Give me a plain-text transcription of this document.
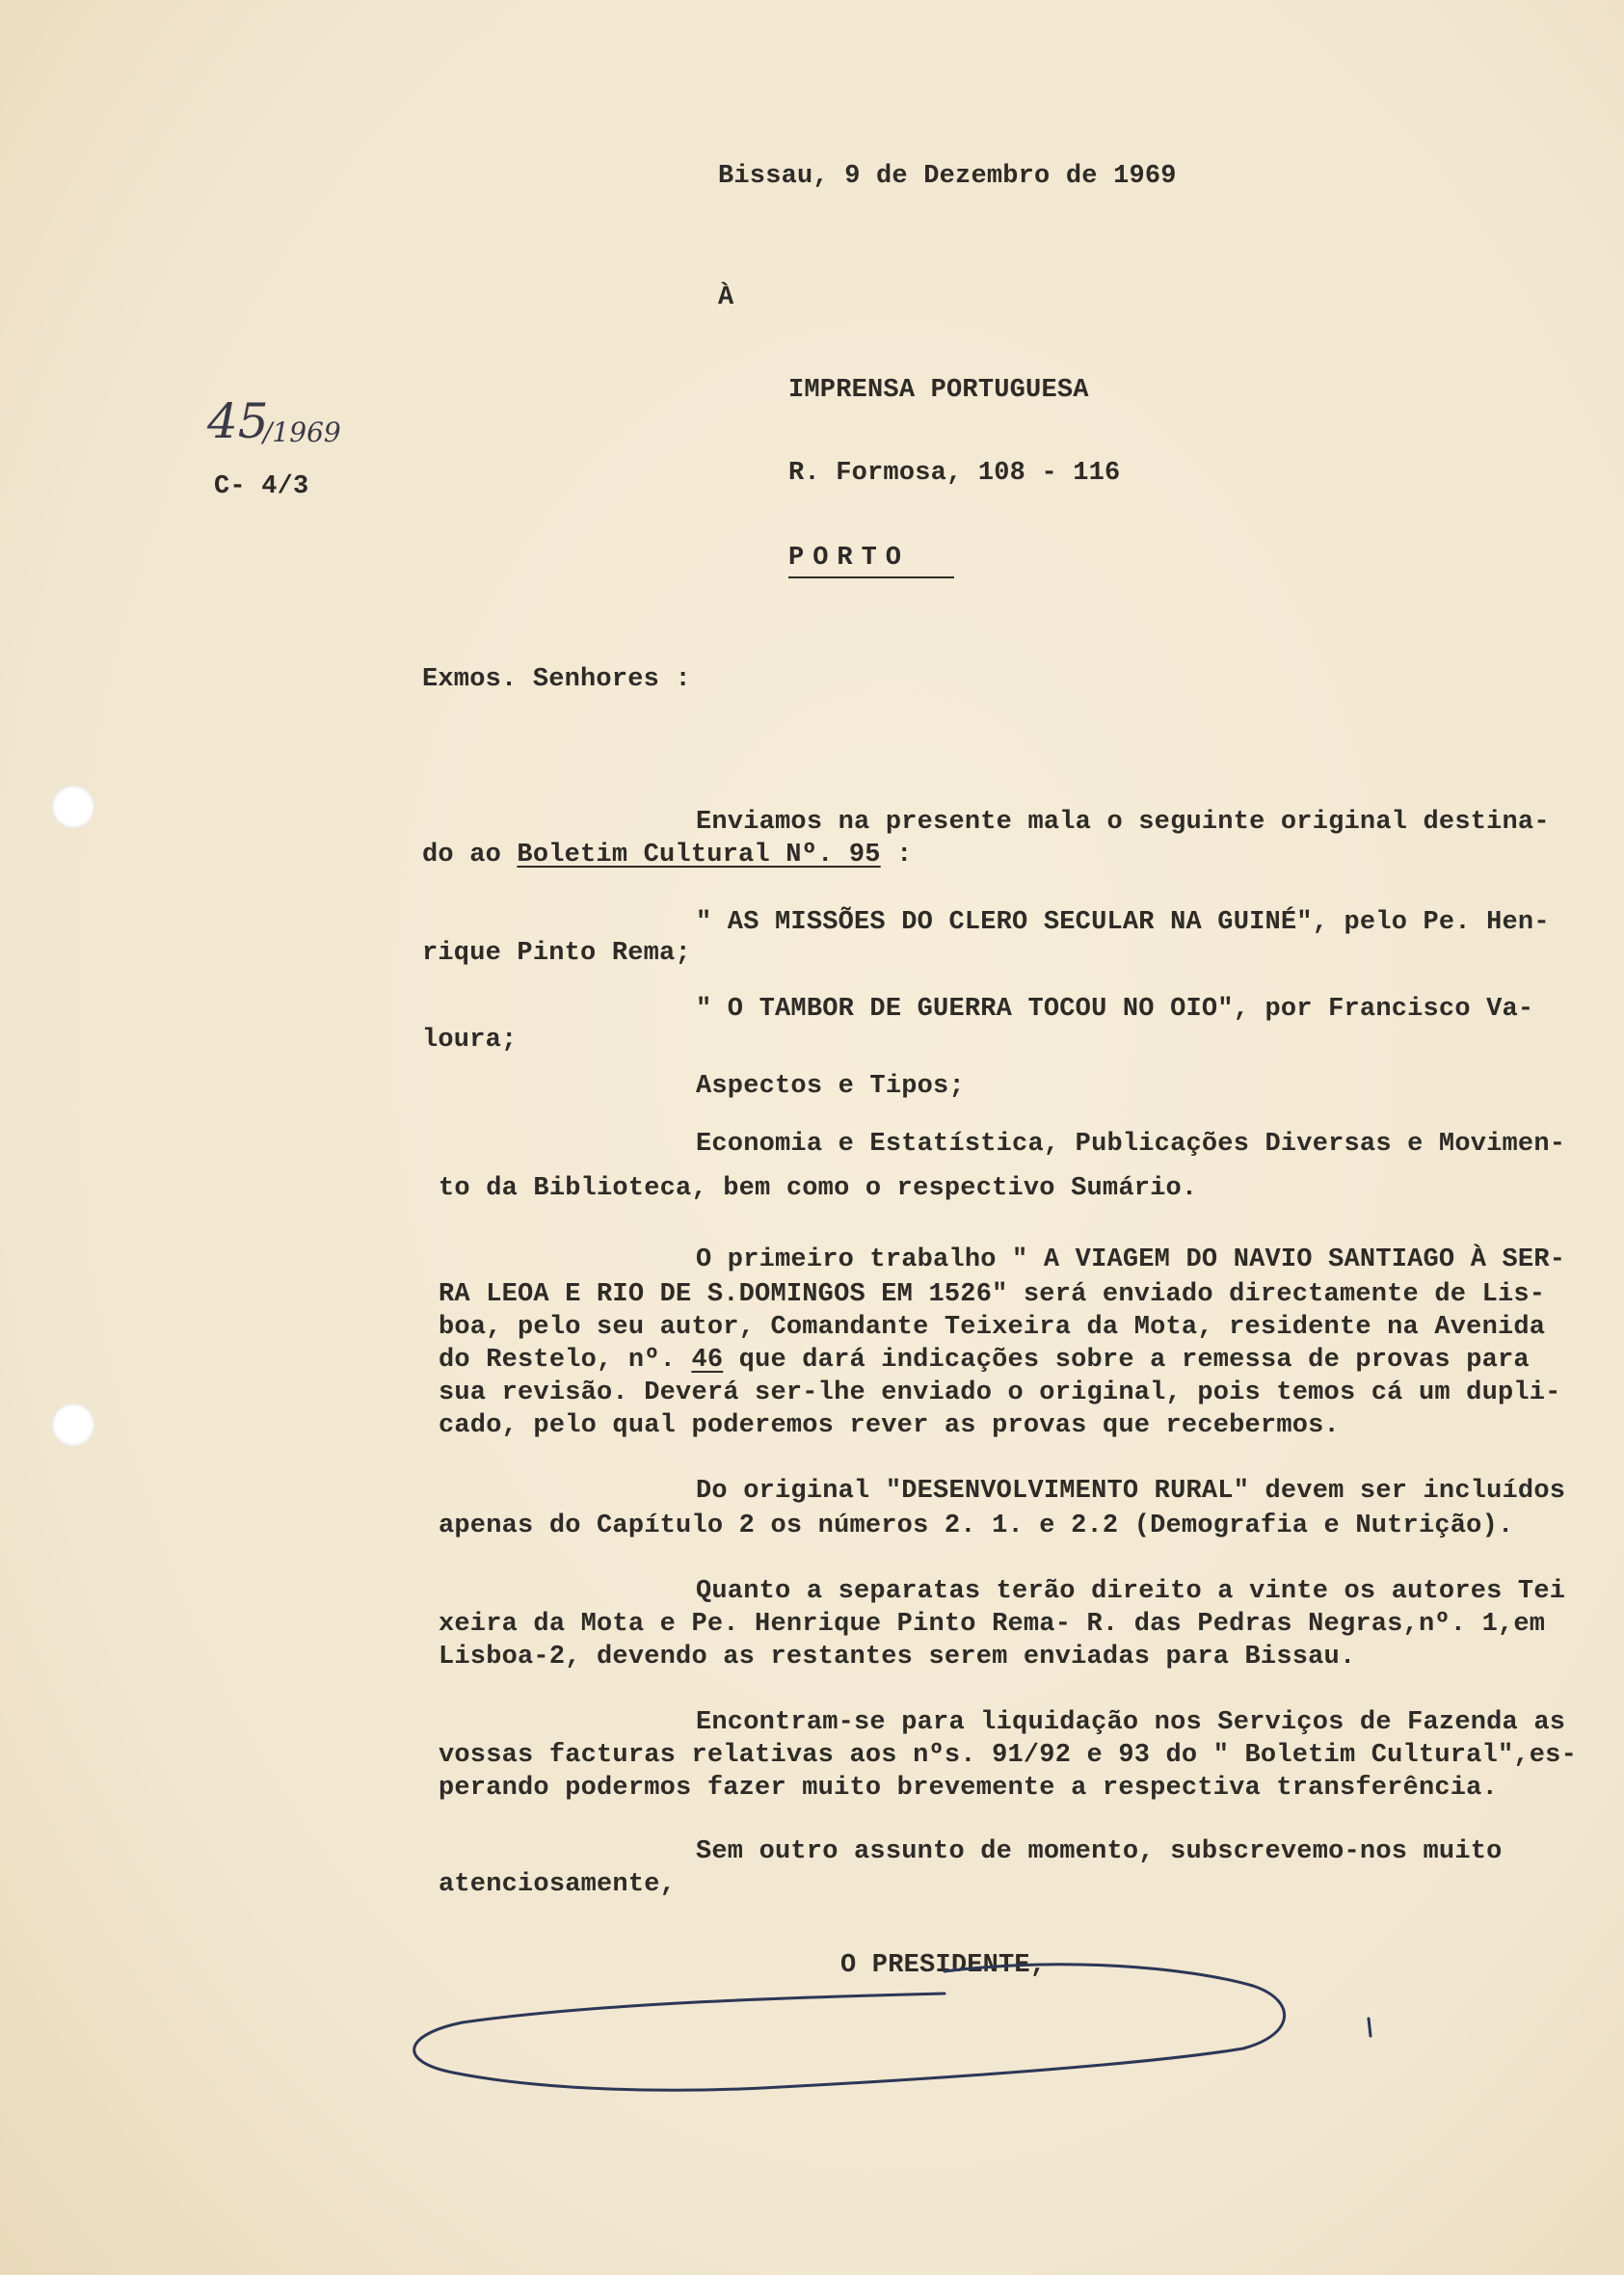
Bissau, 9 de Dezembro de 1969
À
IMPRENSA PORTUGUESA
R. Formosa, 108 - 116
PORTO
45
/1969
C- 4/3
Exmos. Senhores :
Enviamos na presente mala o seguinte original destina-
do ao Boletim Cultural Nº. 95 :
" AS MISSÕES DO CLERO SECULAR NA GUINÉ", pelo Pe. Hen-
rique Pinto Rema;
" O TAMBOR DE GUERRA TOCOU NO OIO", por Francisco Va-
loura;
Aspectos e Tipos;
Economia e Estatística, Publicações Diversas e Movimen-
to da Biblioteca, bem como o respectivo Sumário.
O primeiro trabalho " A VIAGEM DO NAVIO SANTIAGO À SER-
RA LEOA E RIO DE S.DOMINGOS EM 1526" será enviado directamente de Lis-
boa, pelo seu autor, Comandante Teixeira da Mota, residente na Avenida
do Restelo, nº. 46 que dará indicações sobre a remessa de provas para
sua revisão. Deverá ser-lhe enviado o original, pois temos cá um dupli-
cado, pelo qual poderemos rever as provas que recebermos.
Do original "DESENVOLVIMENTO RURAL" devem ser incluídos
apenas do Capítulo 2 os números 2. 1. e 2.2 (Demografia e Nutrição).
Quanto a separatas terão direito a vinte os autores Tei
xeira da Mota e Pe. Henrique Pinto Rema- R. das Pedras Negras,nº. 1,em
Lisboa-2, devendo as restantes serem enviadas para Bissau.
Encontram-se para liquidação nos Serviços de Fazenda as
vossas facturas relativas aos nºs. 91/92 e 93 do " Boletim Cultural",es-
perando podermos fazer muito brevemente a respectiva transferência.
Sem outro assunto de momento, subscrevemo-nos muito
atenciosamente,
O PRESIDENTE,
